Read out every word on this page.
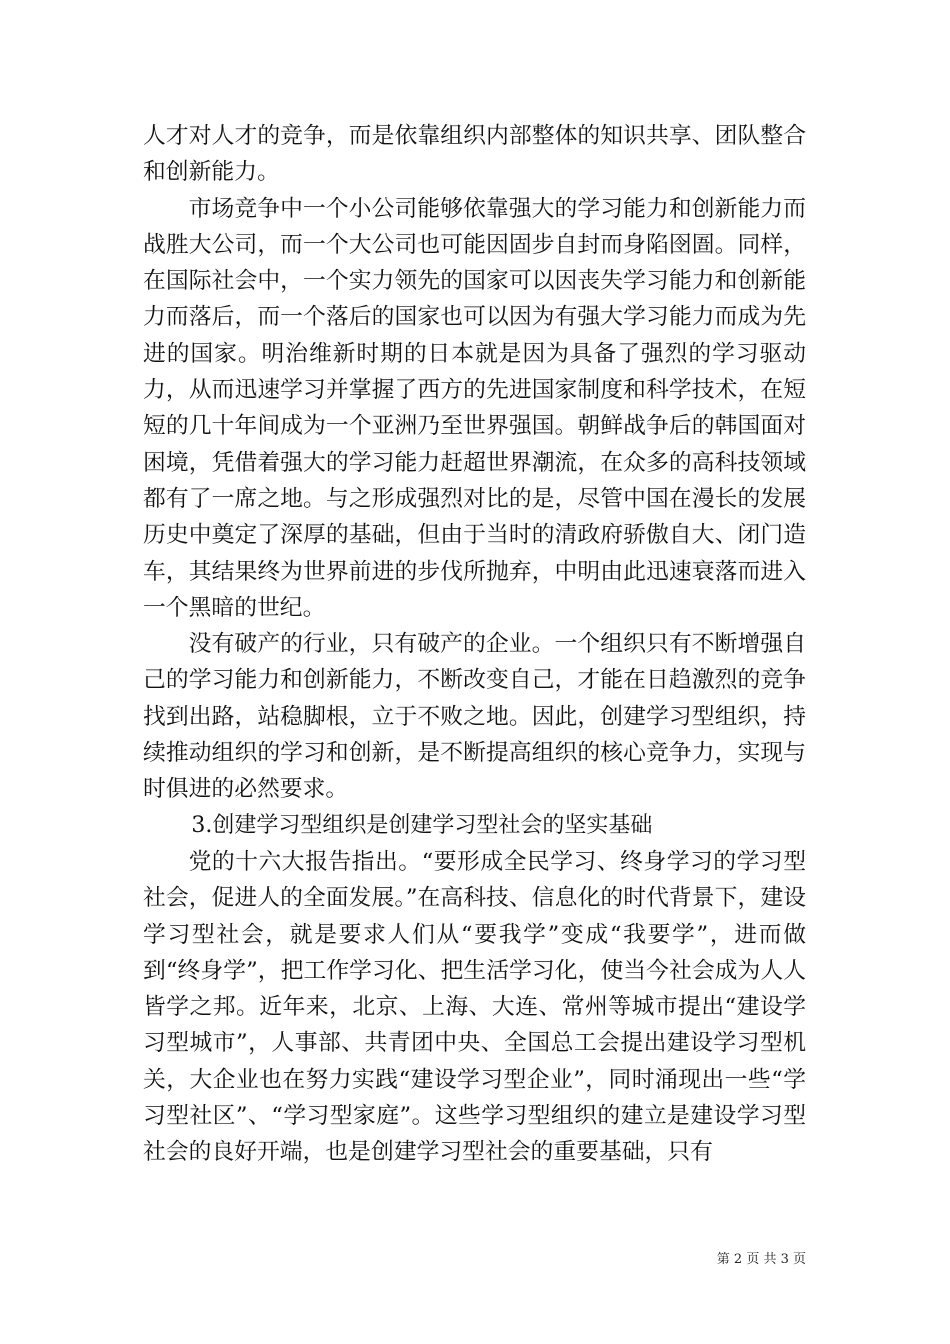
人才对人才的竞争，而是依靠组织内部整体的知识共享、团队整合和创新能力。

市场竞争中一个小公司能够依靠强大的学习能力和创新能力而战胜大公司，而一个大公司也可能因固步自封而身陷囹圄。同样，在国际社会中，一个实力领先的国家可以因丧失学习能力和创新能力而落后，而一个落后的国家也可以因为有强大学习能力而成为先进的国家。明治维新时期的日本就是因为具备了强烈的学习驱动力，从而迅速学习并掌握了西方的先进国家制度和科学技术，在短短的几十年间成为一个亚洲乃至世界强国。朝鲜战争后的韩国面对困境，凭借着强大的学习能力赶超世界潮流，在众多的高科技领域都有了一席之地。与之形成强烈对比的是，尽管中国在漫长的发展历史中奠定了深厚的基础，但由于当时的清政府骄傲自大、闭门造车，其结果终为世界前进的步伐所抛弃，中明由此迅速衰落而进入一个黑暗的世纪。

没有破产的行业，只有破产的企业。一个组织只有不断增强自己的学习能力和创新能力，不断改变自己，才能在日趋激烈的竞争找到出路，站稳脚根，立于不败之地。因此，创建学习型组织，持续推动组织的学习和创新，是不断提高组织的核心竞争力，实现与时俱进的必然要求。

3.创建学习型组织是创建学习型社会的坚实基础

党的十六大报告指出。“要形成全民学习、终身学习的学习型社会，促进人的全面发展。”在高科技、信息化的时代背景下，建设学习型社会，就是要求人们从“要我学”变成“我要学”，进而做到“终身学”，把工作学习化、把生活学习化，使当今社会成为人人皆学之邦。近年来，北京、上海、大连、常州等城市提出“建设学习型城市”，人事部、共青团中央、全国总工会提出建设学习型机关，大企业也在努力实践“建设学习型企业”，同时涌现出一些“学习型社区”、“学习型家庭”。这些学习型组织的建立是建设学习型社会的良好开端，也是创建学习型社会的重要基础，只有

第 2 页 共 3 页
